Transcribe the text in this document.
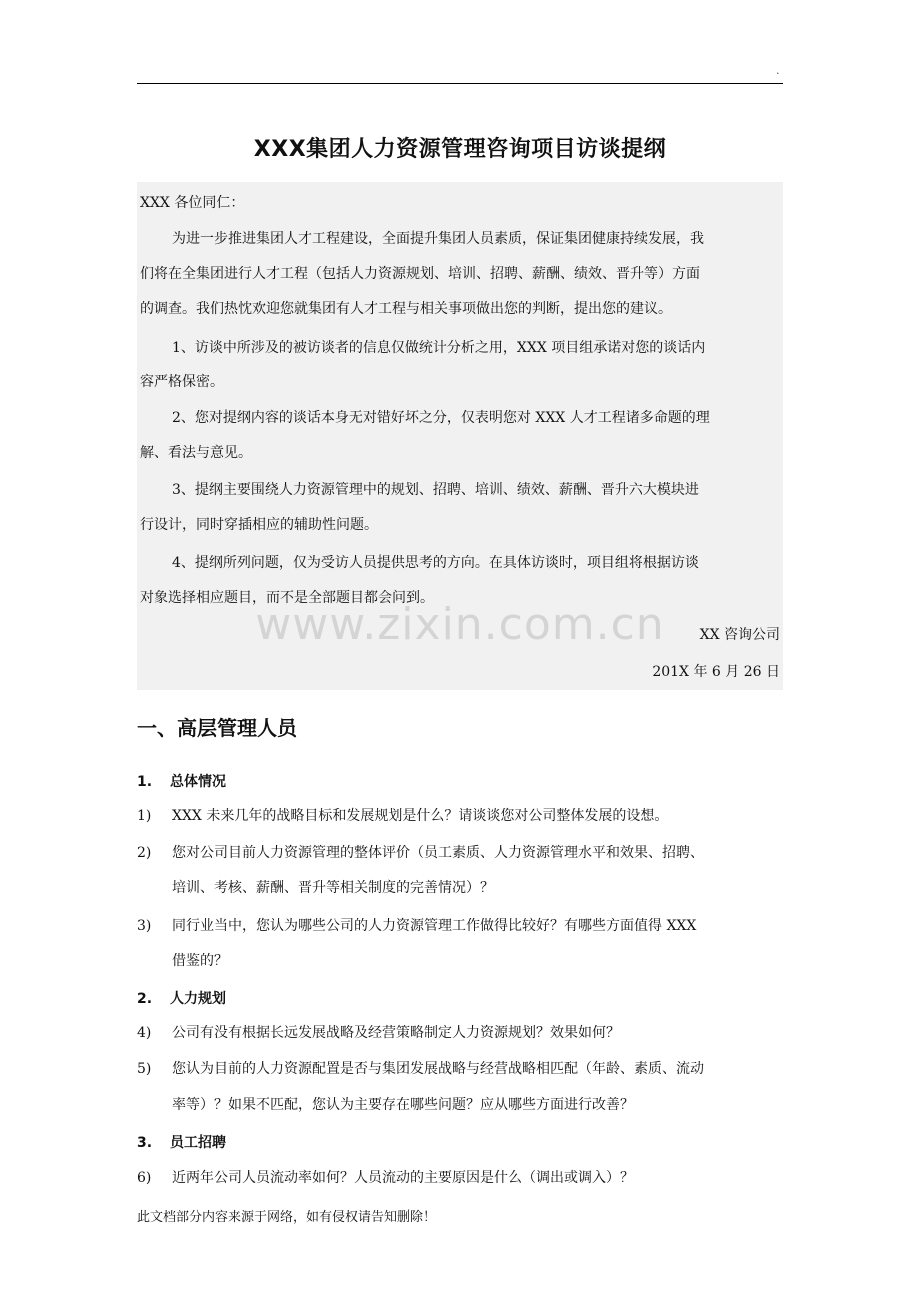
.
XXX集团人力资源管理咨询项目访谈提纲
www.zixin.com.cn
XXX 各位同仁：
为进一步推进集团人才工程建设，全面提升集团人员素质，保证集团健康持续发展，我
们将在全集团进行人才工程（包括人力资源规划、培训、招聘、薪酬、绩效、晋升等）方面
的调查。我们热忱欢迎您就集团有人才工程与相关事项做出您的判断，提出您的建议。
1、访谈中所涉及的被访谈者的信息仅做统计分析之用，XXX 项目组承诺对您的谈话内
容严格保密。
2、您对提纲内容的谈话本身无对错好坏之分，仅表明您对 XXX 人才工程诸多命题的理
解、看法与意见。
3、提纲主要围绕人力资源管理中的规划、招聘、培训、绩效、薪酬、晋升六大模块进
行设计，同时穿插相应的辅助性问题。
4、提纲所列问题，仅为受访人员提供思考的方向。在具体访谈时，项目组将根据访谈
对象选择相应题目，而不是全部题目都会问到。
XX 咨询公司
201X 年 6 月 26 日
一、高层管理人员
1. 总体情况
1)	XXX 未来几年的战略目标和发展规划是什么？请谈谈您对公司整体发展的设想。
2)	您对公司目前人力资源管理的整体评价（员工素质、人力资源管理水平和效果、招聘、
培训、考核、薪酬、晋升等相关制度的完善情况）？
3)	同行业当中，您认为哪些公司的人力资源管理工作做得比较好？有哪些方面值得 XXX
借鉴的？
2. 人力规划
4)	公司有没有根据长远发展战略及经营策略制定人力资源规划？效果如何？
5)	您认为目前的人力资源配置是否与集团发展战略与经营战略相匹配（年龄、素质、流动
率等）？如果不匹配，您认为主要存在哪些问题？应从哪些方面进行改善？
3. 员工招聘
6)	近两年公司人员流动率如何？人员流动的主要原因是什么（调出或调入）？
此文档部分内容来源于网络，如有侵权请告知删除！
